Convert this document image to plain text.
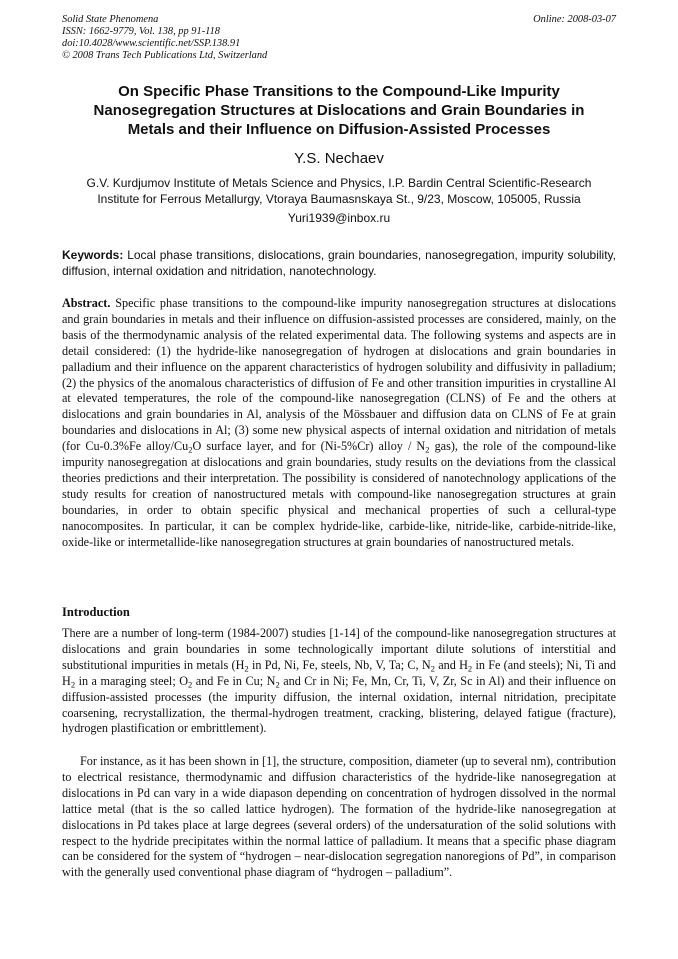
Solid State Phenomena
ISSN: 1662-9779, Vol. 138, pp 91-118
doi:10.4028/www.scientific.net/SSP.138.91
© 2008 Trans Tech Publications Ltd, Switzerland
Online: 2008-03-07
On Specific Phase Transitions to the Compound-Like Impurity
Nanosegregation Structures at Dislocations and Grain Boundaries in
Metals and their Influence on Diffusion-Assisted Processes
Y.S. Nechaev
G.V. Kurdjumov Institute of Metals Science and Physics, I.P. Bardin Central Scientific-Research
Institute for Ferrous Metallurgy, Vtoraya Baumasnskaya St., 9/23, Moscow, 105005, Russia
Yuri1939@inbox.ru
Keywords: Local phase transitions, dislocations, grain boundaries, nanosegregation, impurity solubility, diffusion, internal oxidation and nitridation, nanotechnology.
Abstract. Specific phase transitions to the compound-like impurity nanosegregation structures at dislocations and grain boundaries in metals and their influence on diffusion-assisted processes are considered, mainly, on the basis of the thermodynamic analysis of the related experimental data. The following systems and aspects are in detail considered: (1) the hydride-like nanosegregation of hydrogen at dislocations and grain boundaries in palladium and their influence on the apparent characteristics of hydrogen solubility and diffusivity in palladium; (2) the physics of the anomalous characteristics of diffusion of Fe and other transition impurities in crystalline Al at elevated temperatures, the role of the compound-like nanosegregation (CLNS) of Fe and the others at dislocations and grain boundaries in Al, analysis of the Mössbauer and diffusion data on CLNS of Fe at grain boundaries and dislocations in Al; (3) some new physical aspects of internal oxidation and nitridation of metals (for Cu-0.3%Fe alloy/$Cu_2O$ surface layer, and for (Ni-5%Cr) alloy / $N_2$ gas), the role of the compound-like impurity nanosegregation at dislocations and grain boundaries, study results on the deviations from the classical theories predictions and their interpretation. The possibility is considered of nanotechnology applications of the study results for creation of nanostructured metals with compound-like nanosegregation structures at grain boundaries, in order to obtain specific physical and mechanical properties of such a cellural-type nanocomposites. In particular, it can be complex hydride-like, carbide-like, nitride-like, carbide-nitride-like, oxide-like or intermetallide-like nanosegregation structures at grain boundaries of nanostructured metals.
Introduction

There are a number of long-term (1984-2007) studies [1-14] of the compound-like nanosegregation structures at dislocations and grain boundaries in some technologically important dilute solutions of interstitial and substitutional impurities in metals ($H_2$ in Pd, Ni, Fe, steels, Nb, V, Ta; C, $N_2$ and $H_2$ in Fe (and steels); Ni, Ti and $H_2$ in a maraging steel; $O_2$ and Fe in Cu; $N_2$ and Cr in Ni; Fe, Mn, Cr, Ti, V, Zr, Sc in Al) and their influence on diffusion-assisted processes (the impurity diffusion, the internal oxidation, internal nitridation, precipitate coarsening, recrystallization, the thermal-hydrogen treatment, cracking, blistering, delayed fatigue (fracture), hydrogen plastification or embrittlement).

For instance, as it has been shown in [1], the structure, composition, diameter (up to several nm), contribution to electrical resistance, thermodynamic and diffusion characteristics of the hydride-like nanosegregation at dislocations in Pd can vary in a wide diapason depending on concentration of hydrogen dissolved in the normal lattice metal (that is the so called lattice hydrogen). The formation of the hydride-like nanosegregation at dislocations in Pd takes place at large degrees (several orders) of the undersaturation of the solid solutions with respect to the hydride precipitates within the normal lattice of palladium. It means that a specific phase diagram can be considered for the system of “hydrogen – near-dislocation segregation nanoregions of Pd”, in comparison with the generally used conventional phase diagram of “hydrogen – palladium”.
